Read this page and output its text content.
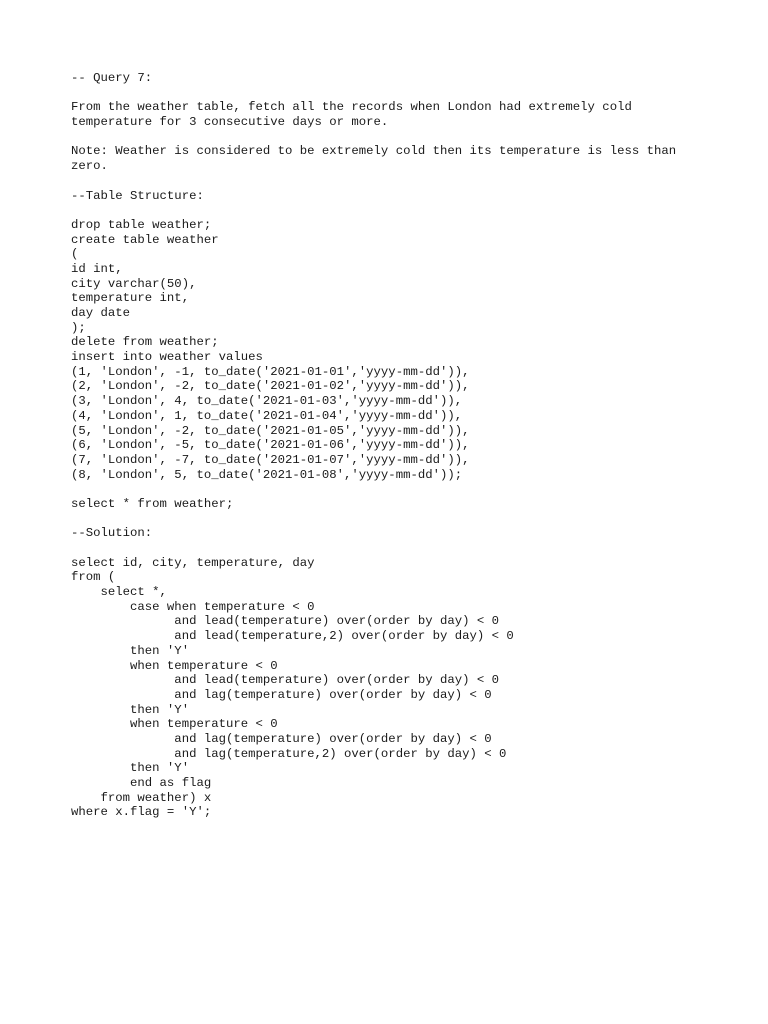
-- Query 7:
From the weather table, fetch all the records when London had extremely cold
temperature for 3 consecutive days or more.
Note: Weather is considered to be extremely cold then its temperature is less than
zero.
--Table Structure:
drop table weather;
create table weather
(
id int,
city varchar(50),
temperature int,
day date
);
delete from weather;
insert into weather values
(1, 'London', -1, to_date('2021-01-01','yyyy-mm-dd')),
(2, 'London', -2, to_date('2021-01-02','yyyy-mm-dd')),
(3, 'London', 4, to_date('2021-01-03','yyyy-mm-dd')),
(4, 'London', 1, to_date('2021-01-04','yyyy-mm-dd')),
(5, 'London', -2, to_date('2021-01-05','yyyy-mm-dd')),
(6, 'London', -5, to_date('2021-01-06','yyyy-mm-dd')),
(7, 'London', -7, to_date('2021-01-07','yyyy-mm-dd')),
(8, 'London', 5, to_date('2021-01-08','yyyy-mm-dd'));
select * from weather;
--Solution:
select id, city, temperature, day
from (
select *,
case when temperature < 0
and lead(temperature) over(order by day) < 0
and lead(temperature,2) over(order by day) < 0
then 'Y'
when temperature < 0
and lead(temperature) over(order by day) < 0
and lag(temperature) over(order by day) < 0
then 'Y'
when temperature < 0
and lag(temperature) over(order by day) < 0
and lag(temperature,2) over(order by day) < 0
then 'Y'
end as flag
from weather) x
where x.flag = 'Y';
